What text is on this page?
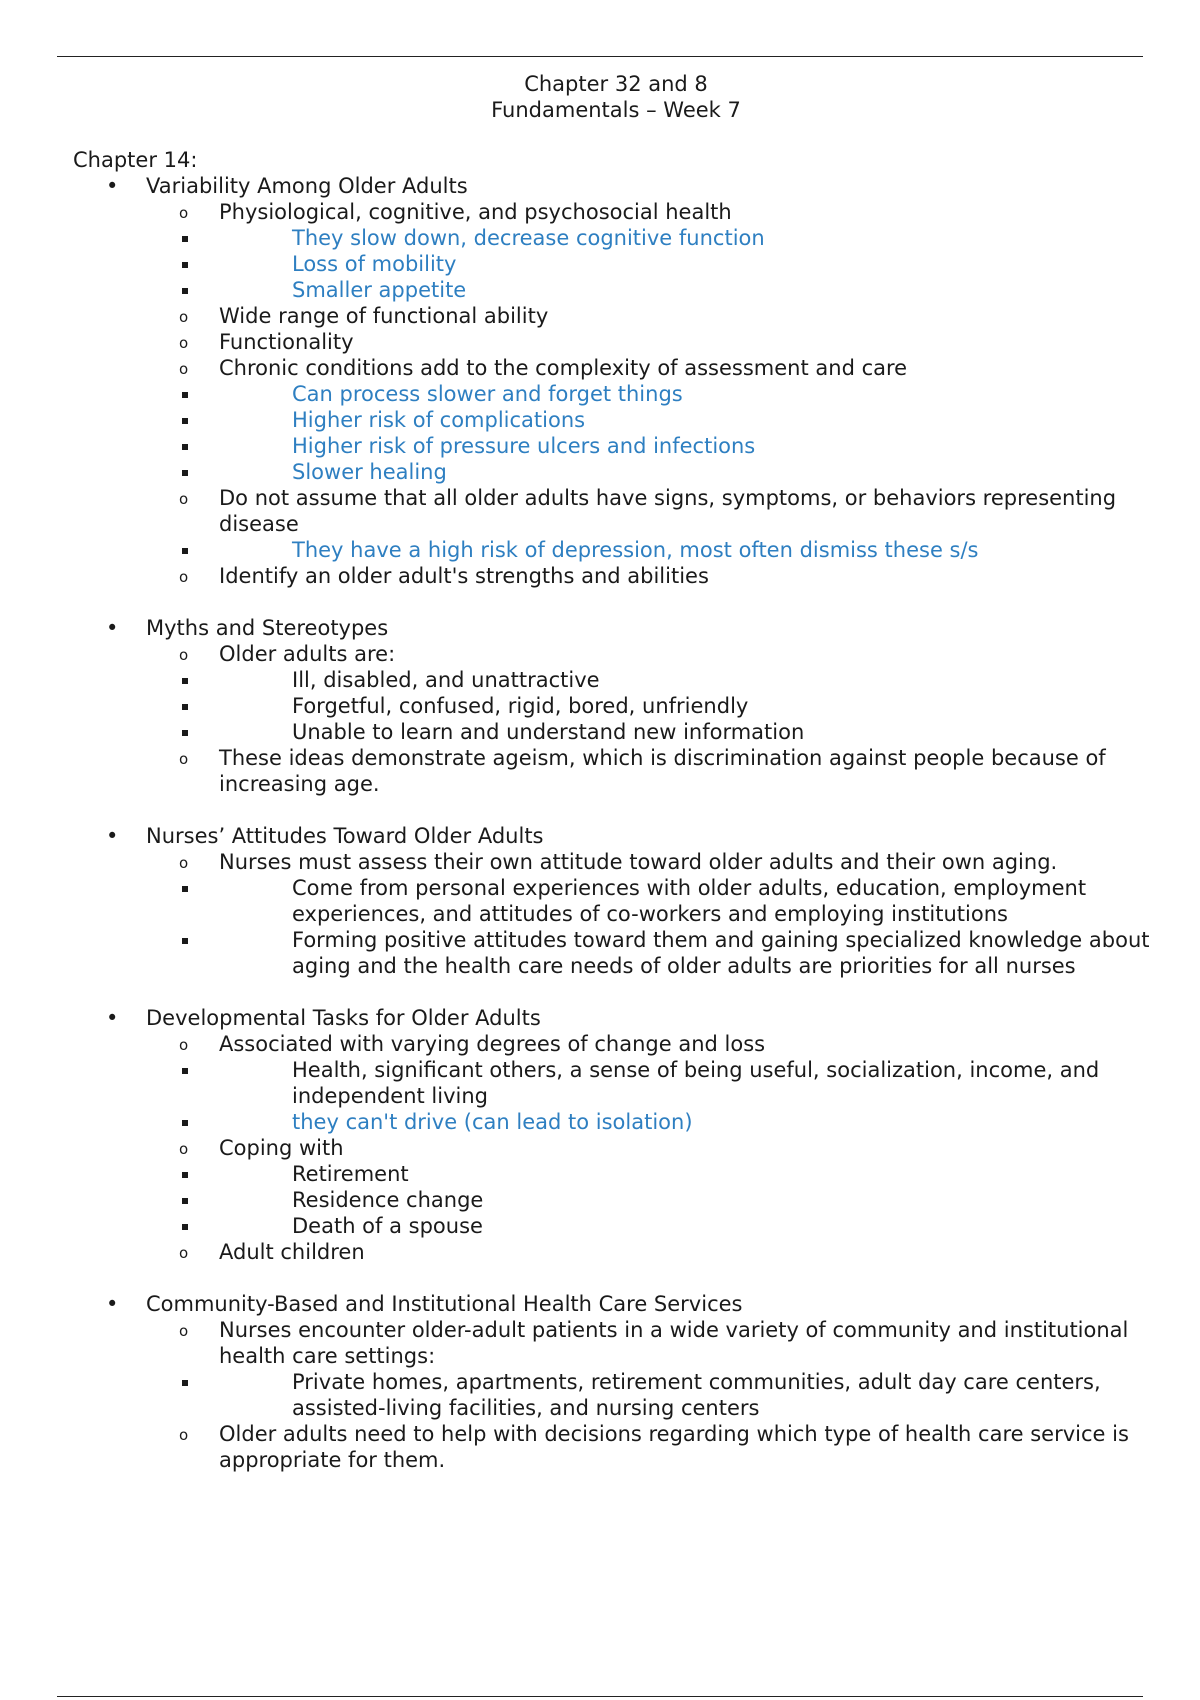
Chapter 32 and 8
Fundamentals – Week 7
Chapter 14:
• Variability Among Older Adults
o Physiological, cognitive, and psychosocial health
They slow down, decrease cognitive function
Loss of mobility
Smaller appetite
o Wide range of functional ability
o Functionality
o Chronic conditions add to the complexity of assessment and care
Can process slower and forget things
Higher risk of complications
Higher risk of pressure ulcers and infections
Slower healing
o Do not assume that all older adults have signs, symptoms, or behaviors representing disease
They have a high risk of depression, most often dismiss these s/s
o Identify an older adult's strengths and abilities
• Myths and Stereotypes
o Older adults are:
Ill, disabled, and unattractive
Forgetful, confused, rigid, bored, unfriendly
Unable to learn and understand new information
o These ideas demonstrate ageism, which is discrimination against people because of increasing age.
• Nurses’ Attitudes Toward Older Adults
o Nurses must assess their own attitude toward older adults and their own aging.
Come from personal experiences with older adults, education, employment experiences, and attitudes of co-workers and employing institutions
Forming positive attitudes toward them and gaining specialized knowledge about aging and the health care needs of older adults are priorities for all nurses
• Developmental Tasks for Older Adults
o Associated with varying degrees of change and loss
Health, significant others, a sense of being useful, socialization, income, and independent living
they can't drive (can lead to isolation)
o Coping with
Retirement
Residence change
Death of a spouse
o Adult children
• Community-Based and Institutional Health Care Services
o Nurses encounter older-adult patients in a wide variety of community and institutional health care settings:
Private homes, apartments, retirement communities, adult day care centers, assisted-living facilities, and nursing centers
o Older adults need to help with decisions regarding which type of health care service is appropriate for them.
